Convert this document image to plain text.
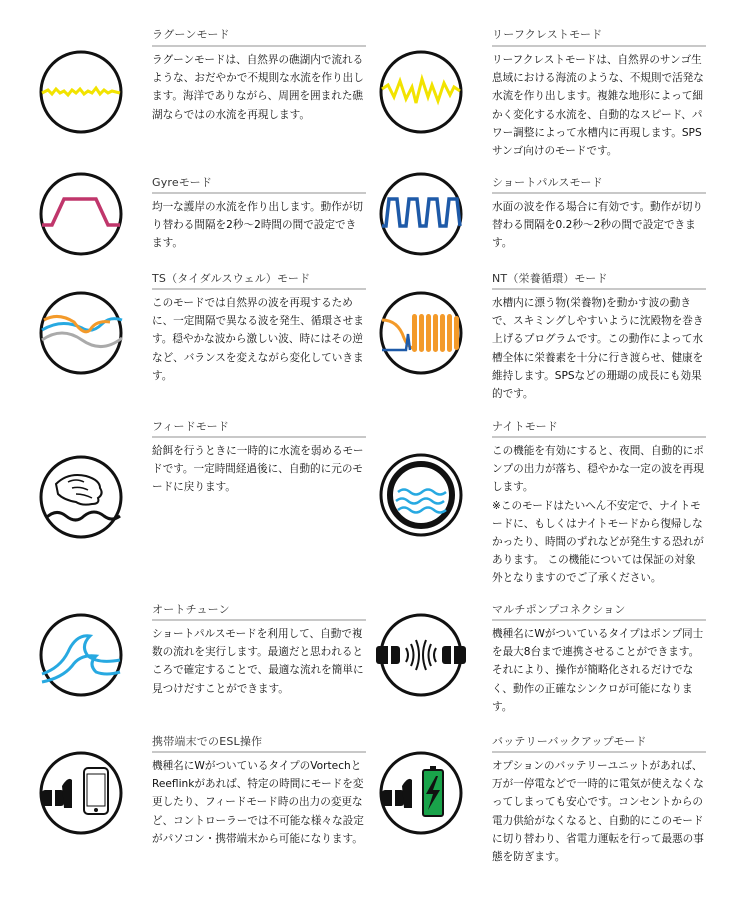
ラグーンモード
ラグーンモードは、自然界の礁湖内で流れるような、おだやかで不規則な水流を作り出します。海洋でありながら、周囲を囲まれた礁湖ならではの水流を再現します。
リーフクレストモード
リーフクレストモードは、自然界のサンゴ生息域における海流のような、不規則で活発な水流を作り出します。複雑な地形によって細かく変化する水流を、自動的なスピード、パワー調整によって水槽内に再現します。SPSサンゴ向けのモードです。
Gyreモード
均一な護岸の水流を作り出します。動作が切り替わる間隔を2秒～2時間の間で設定できます。
ショートパルスモード
水面の波を作る場合に有効です。動作が切り替わる間隔を0.2秒～2秒の間で設定できます。
TS（タイダルスウェル）モード
このモードでは自然界の波を再現するために、一定間隔で異なる波を発生、循環させます。穏やかな波から激しい波、時にはその逆など、バランスを変えながら変化していきます。
NT（栄養循環）モード
水槽内に漂う物(栄養物)を動かす波の動きで、スキミングしやすいように沈殿物を巻き上げるプログラムです。この動作によって水槽全体に栄養素を十分に行き渡らせ、健康を維持します。SPSなどの珊瑚の成長にも効果的です。
フィードモード
給餌を行うときに一時的に水流を弱めるモードです。一定時間経過後に、自動的に元のモードに戻ります。
ナイトモード
この機能を有効にすると、夜間、自動的にポンプの出力が落ち、穏やかな一定の波を再現します。
※このモードはたいへん不安定で、ナイトモードに、もしくはナイトモードから復帰しなかったり、時間のずれなどが発生する恐れがあります。 この機能については保証の対象外となりますのでご了承ください。
オートチューン
ショートパルスモードを利用して、自動で複数の流れを実行します。最適だと思われるところで確定することで、最適な流れを簡単に見つけだすことができます。
マルチポンプコネクション
機種名にWがついているタイプはポンプ同士を最大8台まで連携させることができます。それにより、操作が簡略化されるだけでなく、動作の正確なシンクロが可能になります。
携帯端末でのESL操作
機種名にWがついているタイプのVortechとReeflinkがあれば、特定の時間にモードを変更したり、フィードモード時の出力の変更など、コントローラーでは不可能な様々な設定がパソコン・携帯端末から可能になります。
バッテリーバックアップモード
オプションのバッテリーユニットがあれば、万が一停電などで一時的に電気が使えなくなってしまっても安心です。コンセントからの電力供給がなくなると、自動的にこのモードに切り替わり、省電力運転を行って最悪の事態を防ぎます。
